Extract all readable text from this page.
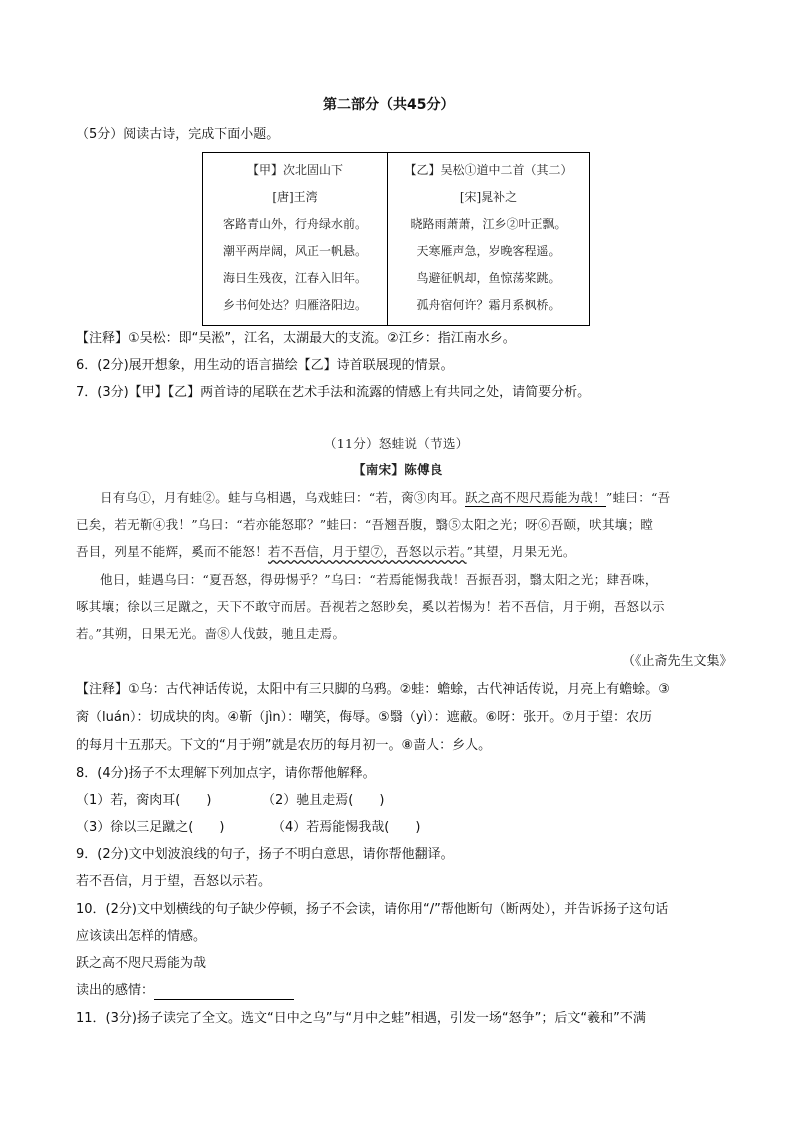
第二部分（共45分）
（5分）阅读古诗，完成下面小题。
【甲】次北固山下
[唐]王湾
客路青山外，行舟绿水前。
潮平两岸阔，风正一帆悬。
海日生残夜，江春入旧年。
乡书何处达？归雁洛阳边。
【乙】吴松①道中二首（其二）
[宋]晁补之
晓路雨萧萧，江乡②叶正飘。
天寒雁声急，岁晚客程遥。
鸟避征帆却，鱼惊荡桨跳。
孤舟宿何许？霜月系枫桥。
【注释】①吴松：即“吴淞”，江名，太湖最大的支流。②江乡：指江南水乡。
6．(2分)展开想象，用生动的语言描绘【乙】诗首联展现的情景。
7．(3分)【甲】【乙】两首诗的尾联在艺术手法和流露的情感上有共同之处，请简要分析。
（11分）怒蛙说（节选）
【南宋】陈傅良
日有乌①，月有蛙②。蛙与乌相遇，乌戏蛙曰：“若，脔③肉耳。跃之高不咫尺焉能为哉！”蛙曰：“吾
已矣，若无靳④我！”乌曰：“若亦能怒耶？”蛙曰：“吾翘吾腹，翳⑤太阳之光；呀⑥吾颐，吠其壤；瞠
吾目，列星不能辉，奚而不能怒！若不吾信，月于望⑦，吾怒以示若。”其望，月果无光。
他日，蛙遇乌曰：“夏吾怒，得毋惕乎？”乌曰：“若焉能惕我哉！吾振吾羽，翳太阳之光；肆吾咮，
啄其壤；徐以三足蹴之，天下不敢守而居。吾视若之怒眇矣，奚以若惕为！若不吾信，月于朔，吾怒以示
若。”其朔，日果无光。啬⑧人伐鼓，驰且走焉。
（《止斋先生文集》
【注释】①乌：古代神话传说，太阳中有三只脚的乌鸦。②蛙：蟾蜍，古代神话传说，月亮上有蟾蜍。③
脔（luán）：切成块的肉。④靳（jìn）：嘲笑，侮辱。⑤翳（yì）：遮蔽。⑥呀：张开。⑦月于望：农历
的每月十五那天。下文的“月于朔”就是农历的每月初一。⑧啬人：乡人。
8．(4分)扬子不太理解下列加点字，请你帮他解释。
（1）若，脔肉耳(　　)	（2）驰且走焉(　　)
（3）徐以三足蹴之(　　)	（4）若焉能惕我哉(　　)
9．(2分)文中划波浪线的句子，扬子不明白意思，请你帮他翻译。
若不吾信，月于望，吾怒以示若。
10．(2分)文中划横线的句子缺少停顿，扬子不会读，请你用“/”帮他断句（断两处），并告诉扬子这句话
应该读出怎样的情感。
跃之高不咫尺焉能为哉
读出的感情：
11．(3分)扬子读完了全文。选文“日中之乌”与“月中之蛙”相遇，引发一场“怒争”；后文“羲和”不满
